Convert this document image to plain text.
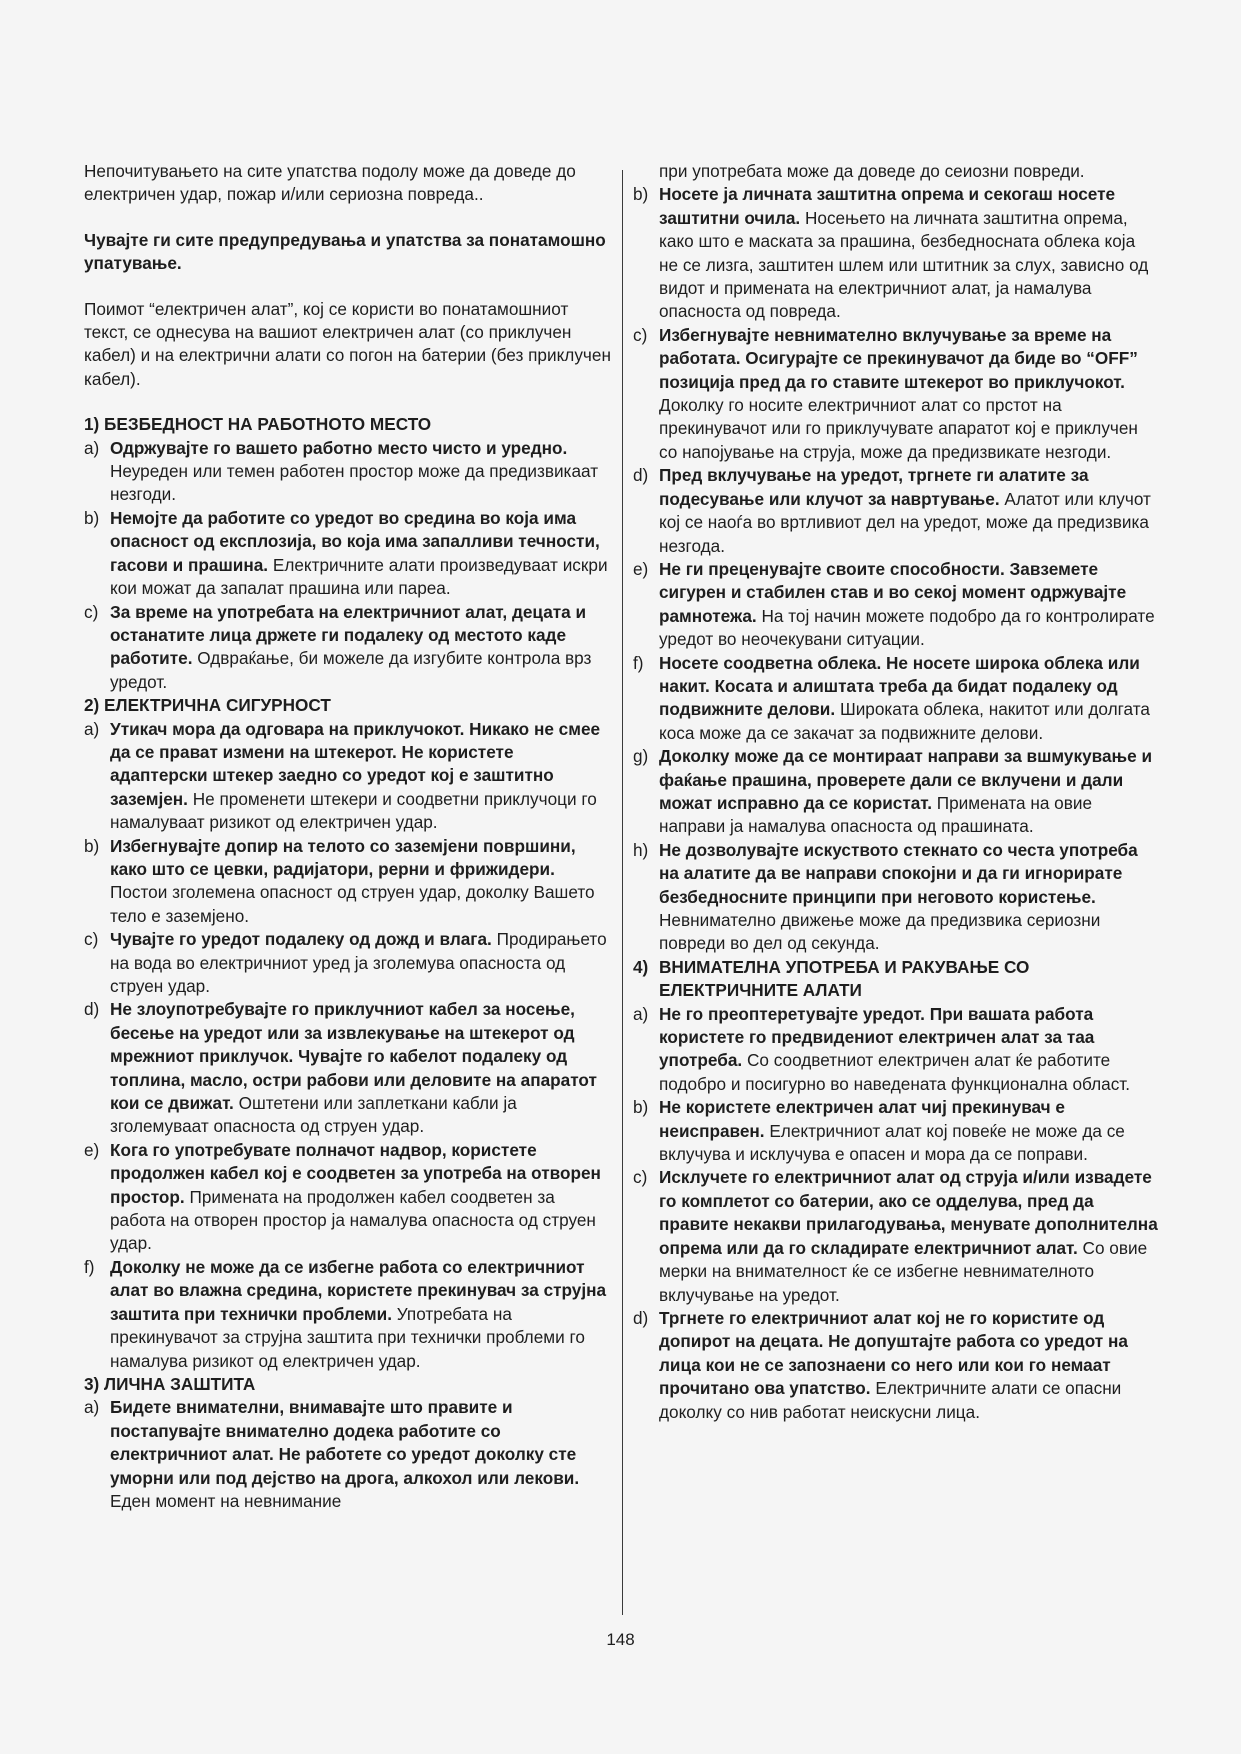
Непочитувањето на сите упатства подолу може да доведе до електричен удар, пожар и/или сериозна повреда..

Чувајте ги сите предупредувања и упатства за понатамошно упатување.

Поимот “електричен алат”, кој се користи во понатамошниот текст, се однесува на вашиот електричен алат (со приклучен кабел) и на електрични алати со погон на батерии (без приклучен кабел).

1) БЕЗБЕДНОСТ НА РАБОТНОТО МЕСТО

a) Одржувајте го вашето работно место чисто и уредно. Неуреден или темен работен простор може да предизвикаат незгоди.

b) Немојте да работите со уредот во средина во која има опасност од експлозија, во која има запалливи течности, гасови и прашина. Електричните алати произведуваат искри кои можат да запалат прашина или пареа.

c) За време на употребата на електричниот алат, децата и останатите лица држете ги подалеку од местото каде работите. Одвраќање, би можеле да изгубите контрола врз уредот.

2) ЕЛЕКТРИЧНА СИГУРНОСТ

a) Утикач мора да одговара на приклучокот. Никако не смее да се прават измени на штекерот. Не користете адаптерски штекер заедно со уредот кој е заштитно заземјен. Не променети штекери и соодветни приклучоци го намалуваат ризикот од електричен удар.

b) Избегнувајте допир на телото со заземјени површини, како што се цевки, радијатори, рерни и фрижидери. Постои зголемена опасност од струен удар, доколку Вашето тело е заземјено.

c) Чувајте го уредот подалеку од дожд и влага. Продирањето на вода во електричниот уред ја зголемува опасноста од струен удар.

d) Не злоупотребувајте го приклучниот кабел за носење, бесење на уредот или за извлекување на штекерот од мрежниот приклучок. Чувајте го кабелот подалеку од топлина, масло, остри рабови или деловите на апаратот кои се движат. Оштетени или заплеткани кабли ја зголемуваат опасноста од струен удар.

e) Кога го употребувате полначот надвор, користете продолжен кабел кој е соодветен за употреба на отворен простор. Примената на продолжен кабел соодветен за работа на отворен простор ја намалува опасноста од струен удар.

f) Доколку не може да се избегне работа со електричниот алат во влажна средина, користете прекинувач за струјна заштита при технички проблеми. Употребата на прекинувачот за струјна заштита при технички проблеми го намалува ризикот од електричен удар.

3) ЛИЧНА ЗАШТИТА

a) Бидете внимателни, внимавајте што правите и постапувајте внимателно додека работите со електричниот алат. Не работете со уредот доколку сте уморни или под дејство на дрога, алкохол или лекови. Еден момент на невнимание

при употребата може да доведе до сеиозни повреди.

b) Носете ја личната заштитна опрема и секогаш носете заштитни очила. Носењето на личната заштитна опрема, како што е маската за прашина, безбедносната облека која не се лизга, заштитен шлем или штитник за слух, зависно од видот и примената на електричниот алат, ја намалува опасноста од повреда.

c) Избегнувајте невнимателно вклучување за време на работата. Осигурајте се прекинувачот да биде во “OFF” позиција пред да го ставите штекерот во приклучокот. Доколку го носите електричниот алат со прстот на прекинувачот или го приклучувате апаратот кој е приклучен со напојување на струја, може да предизвикате незгоди.

d) Пред вклучување на уредот, тргнете ги алатите за подесување или клучот за навртување. Алатот или клучот кој се наоѓа во вртливиот дел на уредот, може да предизвика незгода.

e) Не ги преценувајте своите способности. Завземете сигурен и стабилен став и во секој момент одржувајте рамнотежа. На тој начин можете подобро да го контролирате уредот во неочекувани ситуации.

f) Носете соодветна облека. Не носете широка облека или накит. Косата и алиштата треба да бидат подалеку од подвижните делови. Широката облека, накитот или долгата коса може да се закачат за подвижните делови.

g) Доколку може да се монтираат направи за вшмукување и фаќање прашина, проверете дали се вклучени и дали можат исправно да се користат. Примената на овие направи ја намалува опасноста од прашината.

h) Не дозволувајте искуството стекнато со честа употреба на алатите да ве направи спокојни и да ги игнорирате безбедносните принципи при неговото користење. Невнимателно движење може да предизвика сериозни повреди во дел од секунда.

4) ВНИМАТЕЛНА УПОТРЕБА И РАКУВАЊЕ СО ЕЛЕКТРИЧНИТЕ АЛАТИ

a) Не го преоптеретувајте уредот. При вашата работа користете го предвидениот електричен алат за таа употреба. Со соодветниот електричен алат ќе работите подобро и посигурно во наведената функционална област.

b) Не користете електричен алат чиј прекинувач е неисправен. Електричниот алат кој повеќе не може да се вклучува и исклучува е опасен и мора да се поправи.

c) Исклучете го електричниот алат од струја и/или извадете го комплетот со батерии, ако се одделува, пред да правите некакви прилагодувања, менувате дополнителна опрема или да го складирате електричниот алат. Со овие мерки на внимателност ќе се избегне невнимателното вклучување на уредот.

d) Тргнете го електричниот алат кој не го користите од допирот на децата. Не допуштајте работа со уредот на лица кои не се запознаени со него или кои го немаат прочитано ова упатство. Електричните алати се опасни доколку со нив работат неискусни лица.

148
